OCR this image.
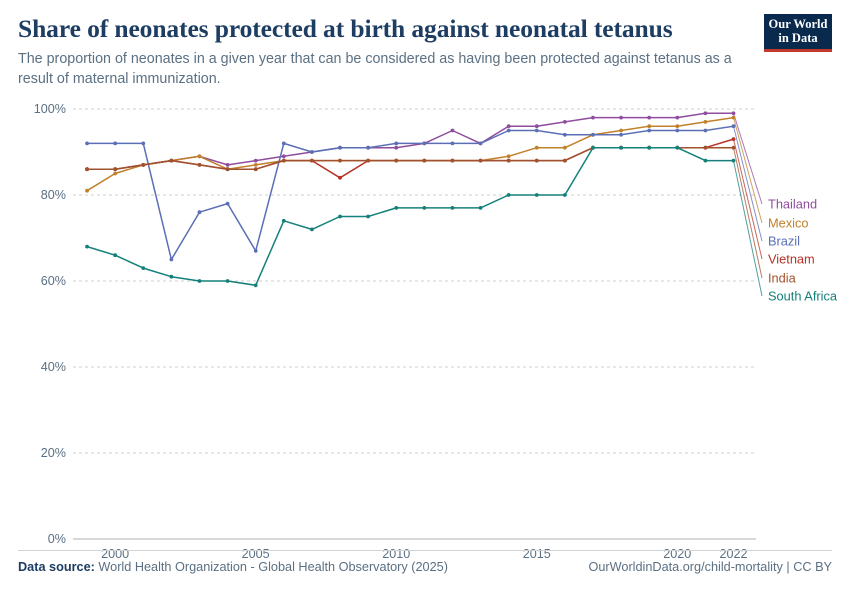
Share of neonates protected at birth against neonatal tetanus
The proportion of neonates in a given year that can be considered as having been protected against tetanus as a result of maternal immunization.
Our World
in Data
0%
20%
40%
60%
80%
100%
2000	2005	2010	2015	2020 2022
Thailand
Mexico
Brazil
Vietnam
India
South Africa
Data source: World Health Organization - Global Health Observatory (2025)	OurWorldinData.org/child-mortality | CC BY
